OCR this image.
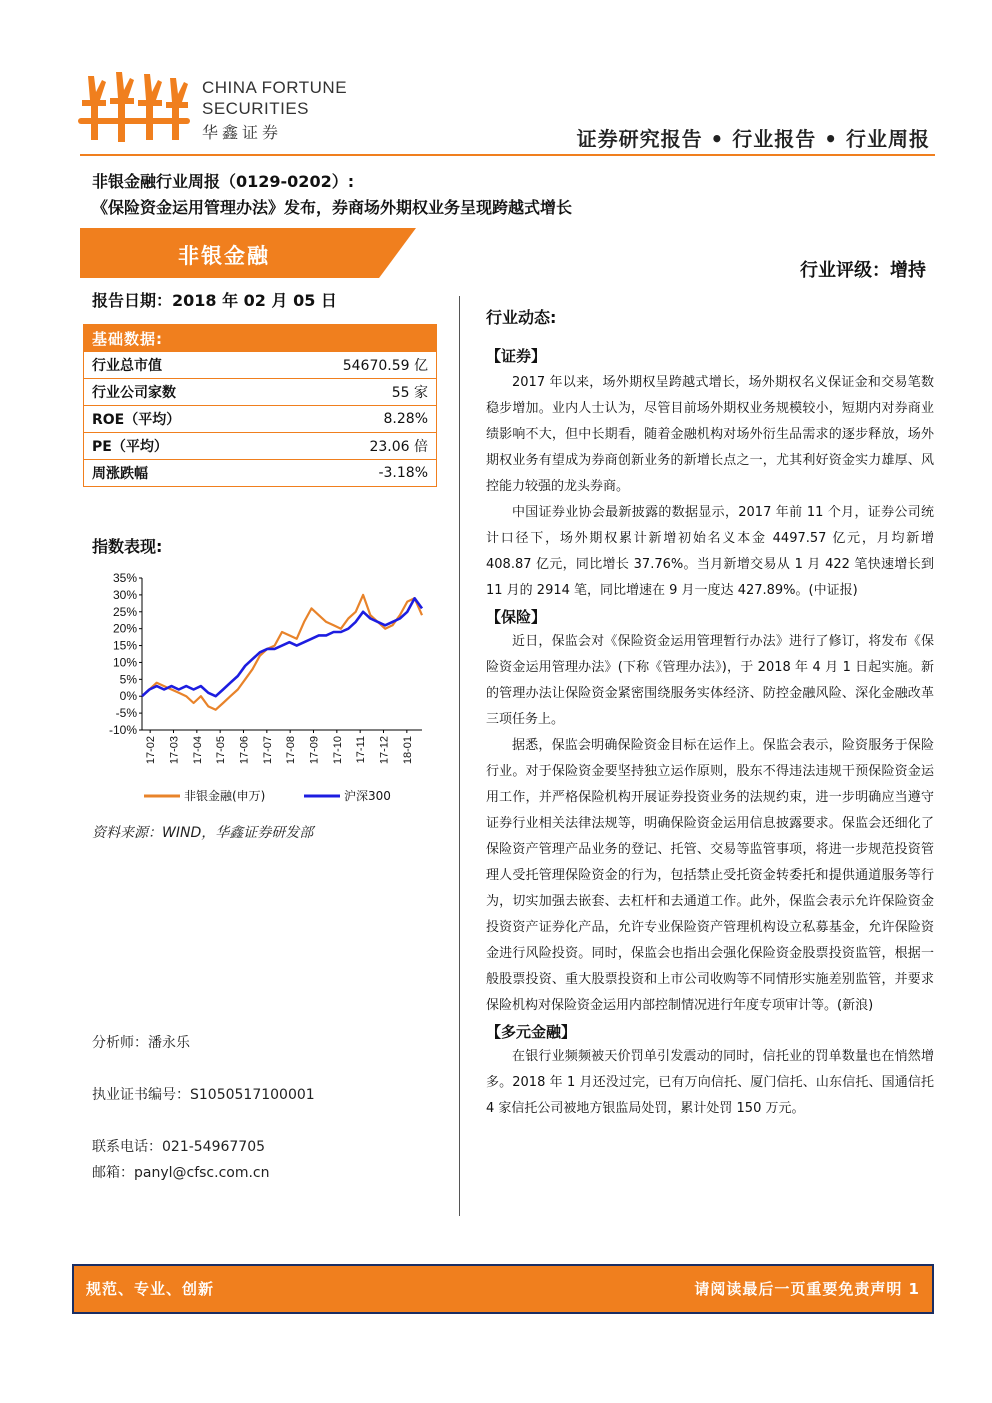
CHINA FORTUNE
SECURITIES
华鑫证券	证券研究报告 • 行业报告 • 行业周报
非银金融行业周报（0129-0202）:
《保险资金运用管理办法》发布，券商场外期权业务呈现跨越式增长
非银金融
行业评级：增持
报告日期：2018 年 02 月 05 日
基础数据:	
行业总市值	54670.59 亿
行业公司家数	55 家
ROE（平均）	8.28%
PE（平均）	23.06 倍
周涨跌幅	-3.18%
指数表现:
35%
30%
25%
20%
15%
10%
5%
0%
-5%
-10%
17-02 17-03 17-04 17-05 17-06 17-07 17-08 17-09 17-10 17-11 17-12 18-01
非银金融(申万)	沪深300
资料来源：WIND，华鑫证券研发部
分析师：潘永乐
执业证书编号：S1050517100001
联系电话：021-54967705
邮箱：panyl@cfsc.com.cn
行业动态:
【证券】

2017 年以来，场外期权呈跨越式增长，场外期权名义保证金和交易笔数稳步增加。业内人士认为，尽管目前场外期权业务规模较小，短期内对券商业绩影响不大，但中长期看，随着金融机构对场外衍生品需求的逐步释放，场外期权业务有望成为券商创新业务的新增长点之一，尤其利好资金实力雄厚、风控能力较强的龙头券商。

中国证券业协会最新披露的数据显示，2017 年前 11 个月，证券公司统计口径下，场外期权累计新增初始名义本金 4497.57 亿元，月均新增 408.87 亿元，同比增长 37.76%。当月新增交易从 1 月 422 笔快速增长到 11 月的 2914 笔，同比增速在 9 月一度达 427.89%。(中证报)

【保险】

近日，保监会对《保险资金运用管理暂行办法》进行了修订，将发布《保险资金运用管理办法》(下称《管理办法》)，于 2018 年 4 月 1 日起实施。新的管理办法让保险资金紧密围绕服务实体经济、防控金融风险、深化金融改革三项任务上。

据悉，保监会明确保险资金目标在运作上。保监会表示，险资服务于保险行业。对于保险资金要坚持独立运作原则，股东不得违法违规干预保险资金运用工作，并严格保险机构开展证券投资业务的法规约束，进一步明确应当遵守证券行业相关法律法规等，明确保险资金运用信息披露要求。保监会还细化了保险资产管理产品业务的登记、托管、交易等监管事项，将进一步规范投资管理人受托管理保险资金的行为，包括禁止受托资金转委托和提供通道服务等行为，切实加强去嵌套、去杠杆和去通道工作。此外，保监会表示允许保险资金投资资产证券化产品，允许专业保险资产管理机构设立私募基金，允许保险资金进行风险投资。同时，保监会也指出会强化保险资金股票投资监管，根据一般股票投资、重大股票投资和上市公司收购等不同情形实施差别监管，并要求保险机构对保险资金运用内部控制情况进行年度专项审计等。(新浪)

【多元金融】

在银行业频频被天价罚单引发震动的同时，信托业的罚单数量也在悄然增多。2018 年 1 月还没过完，已有万向信托、厦门信托、山东信托、国通信托 4 家信托公司被地方银监局处罚，累计处罚 150 万元。

规范、专业、创新	请阅读最后一页重要免责声明 1
